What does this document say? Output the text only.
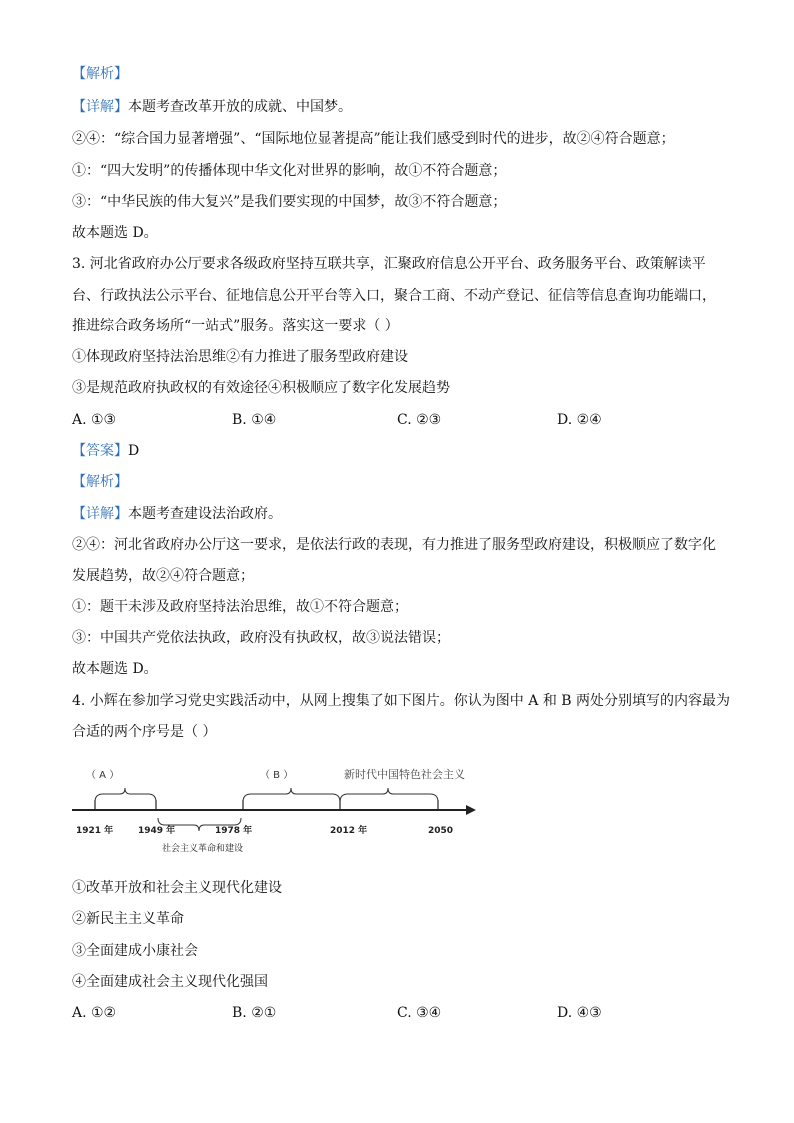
【解析】
【详解】本题考查改革开放的成就、中国梦。
②④：“综合国力显著增强”、“国际地位显著提高”能让我们感受到时代的进步，故②④符合题意；
①：“四大发明”的传播体现中华文化对世界的影响，故①不符合题意；
③：“中华民族的伟大复兴”是我们要实现的中国梦，故③不符合题意；
故本题选 D。
3. 河北省政府办公厅要求各级政府坚持互联共享，汇聚政府信息公开平台、政务服务平台、政策解读平
台、行政执法公示平台、征地信息公开平台等入口，聚合工商、不动产登记、征信等信息查询功能端口，
推进综合政务场所“一站式”服务。落实这一要求（ ）
①体现政府坚持法治思维②有力推进了服务型政府建设
③是规范政府执政权的有效途径④积极顺应了数字化发展趋势
A. ①③	B. ①④	C. ②③	D. ②④
【答案】D
【解析】
【详解】本题考查建设法治政府。
②④：河北省政府办公厅这一要求，是依法行政的表现，有力推进了服务型政府建设，积极顺应了数字化
发展趋势，故②④符合题意；
①：题干未涉及政府坚持法治思维，故①不符合题意；
③：中国共产党依法执政，政府没有执政权，故③说法错误；
故本题选 D。
4. 小辉在参加学习党史实践活动中，从网上搜集了如下图片。你认为图中 A 和 B 两处分别填写的内容最为
合适的两个序号是（ ）
（ A ）	（ B ）	新时代中国特色社会主义
社会主义革命和建设
1921 年	1949 年	1978 年	2012 年	2050
①改革开放和社会主义现代化建设
②新民主主义革命
③全面建成小康社会
④全面建成社会主义现代化强国
A. ①②	B. ②①	C. ③④	D. ④③
